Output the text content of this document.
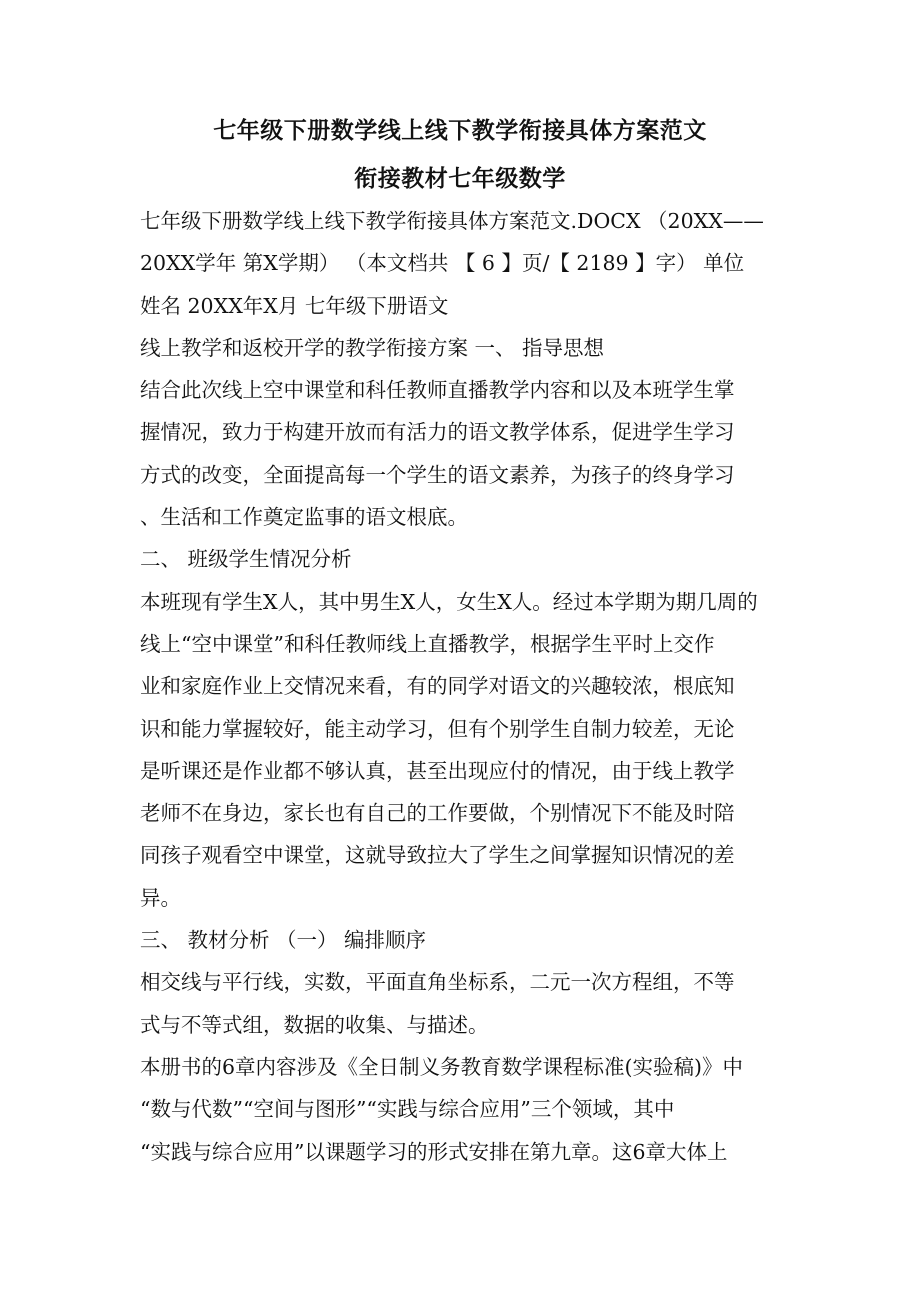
七年级下册数学线上线下教学衔接具体方案范文
衔接教材七年级数学
七年级下册数学线上线下教学衔接具体方案范文.DOCX （20XX——
20XX学年 第X学期） （本文档共 【 6 】页/【 2189 】字） 单位
姓名 20XX年X月 七年级下册语文
线上教学和返校开学的教学衔接方案 一、 指导思想
结合此次线上空中课堂和科任教师直播教学内容和以及本班学生掌
握情况，致力于构建开放而有活力的语文教学体系，促进学生学习
方式的改变，全面提高每一个学生的语文素养，为孩子的终身学习
、生活和工作奠定监事的语文根底。
二、 班级学生情况分析
本班现有学生X人，其中男生X人，女生X人。经过本学期为期几周的
线上“空中课堂”和科任教师线上直播教学，根据学生平时上交作
业和家庭作业上交情况来看，有的同学对语文的兴趣较浓，根底知
识和能力掌握较好，能主动学习，但有个别学生自制力较差，无论
是听课还是作业都不够认真，甚至出现应付的情况，由于线上教学
老师不在身边，家长也有自己的工作要做，个别情况下不能及时陪
同孩子观看空中课堂，这就导致拉大了学生之间掌握知识情况的差
异。
三、 教材分析 （一） 编排顺序
相交线与平行线，实数，平面直角坐标系，二元一次方程组，不等
式与不等式组，数据的收集、与描述。
本册书的6章内容涉及《全日制义务教育数学课程标准(实验稿)》中
“数与代数”“空间与图形”“实践与综合应用”三个领域，其中
“实践与综合应用”以课题学习的形式安排在第九章。这6章大体上
